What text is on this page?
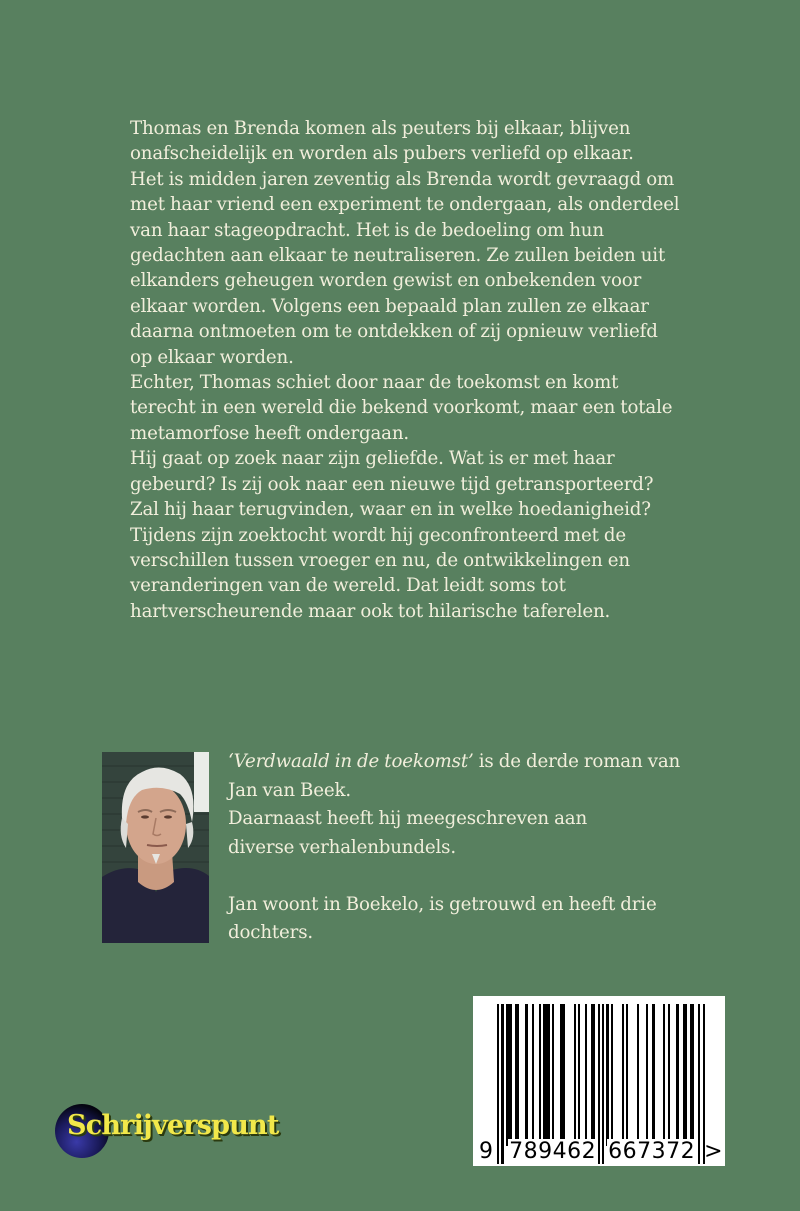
Thomas en Brenda komen als peuters bij elkaar, blijven
onafscheidelijk en worden als pubers verliefd op elkaar.
Het is midden jaren zeventig als Brenda wordt gevraagd om
met haar vriend een experiment te ondergaan, als onderdeel
van haar stageopdracht. Het is de bedoeling om hun
gedachten aan elkaar te neutraliseren. Ze zullen beiden uit
elkanders geheugen worden gewist en onbekenden voor
elkaar worden. Volgens een bepaald plan zullen ze elkaar
daarna ontmoeten om te ontdekken of zij opnieuw verliefd
op elkaar worden.
Echter, Thomas schiet door naar de toekomst en komt
terecht in een wereld die bekend voorkomt, maar een totale
metamorfose heeft ondergaan.
Hij gaat op zoek naar zijn geliefde. Wat is er met haar
gebeurd? Is zij ook naar een nieuwe tijd getransporteerd?
Zal hij haar terugvinden, waar en in welke hoedanigheid?
Tijdens zijn zoektocht wordt hij geconfronteerd met de
verschillen tussen vroeger en nu, de ontwikkelingen en
veranderingen van de wereld. Dat leidt soms tot
hartverscheurende maar ook tot hilarische taferelen.
‘Verdwaald in de toekomst’ is de derde roman van
Jan van Beek.
Daarnaast heeft hij meegeschreven aan
diverse verhalenbundels.
Jan woont in Boekelo, is getrouwd en heeft drie
dochters.
Schrijverspunt
9 789462 667372 >
